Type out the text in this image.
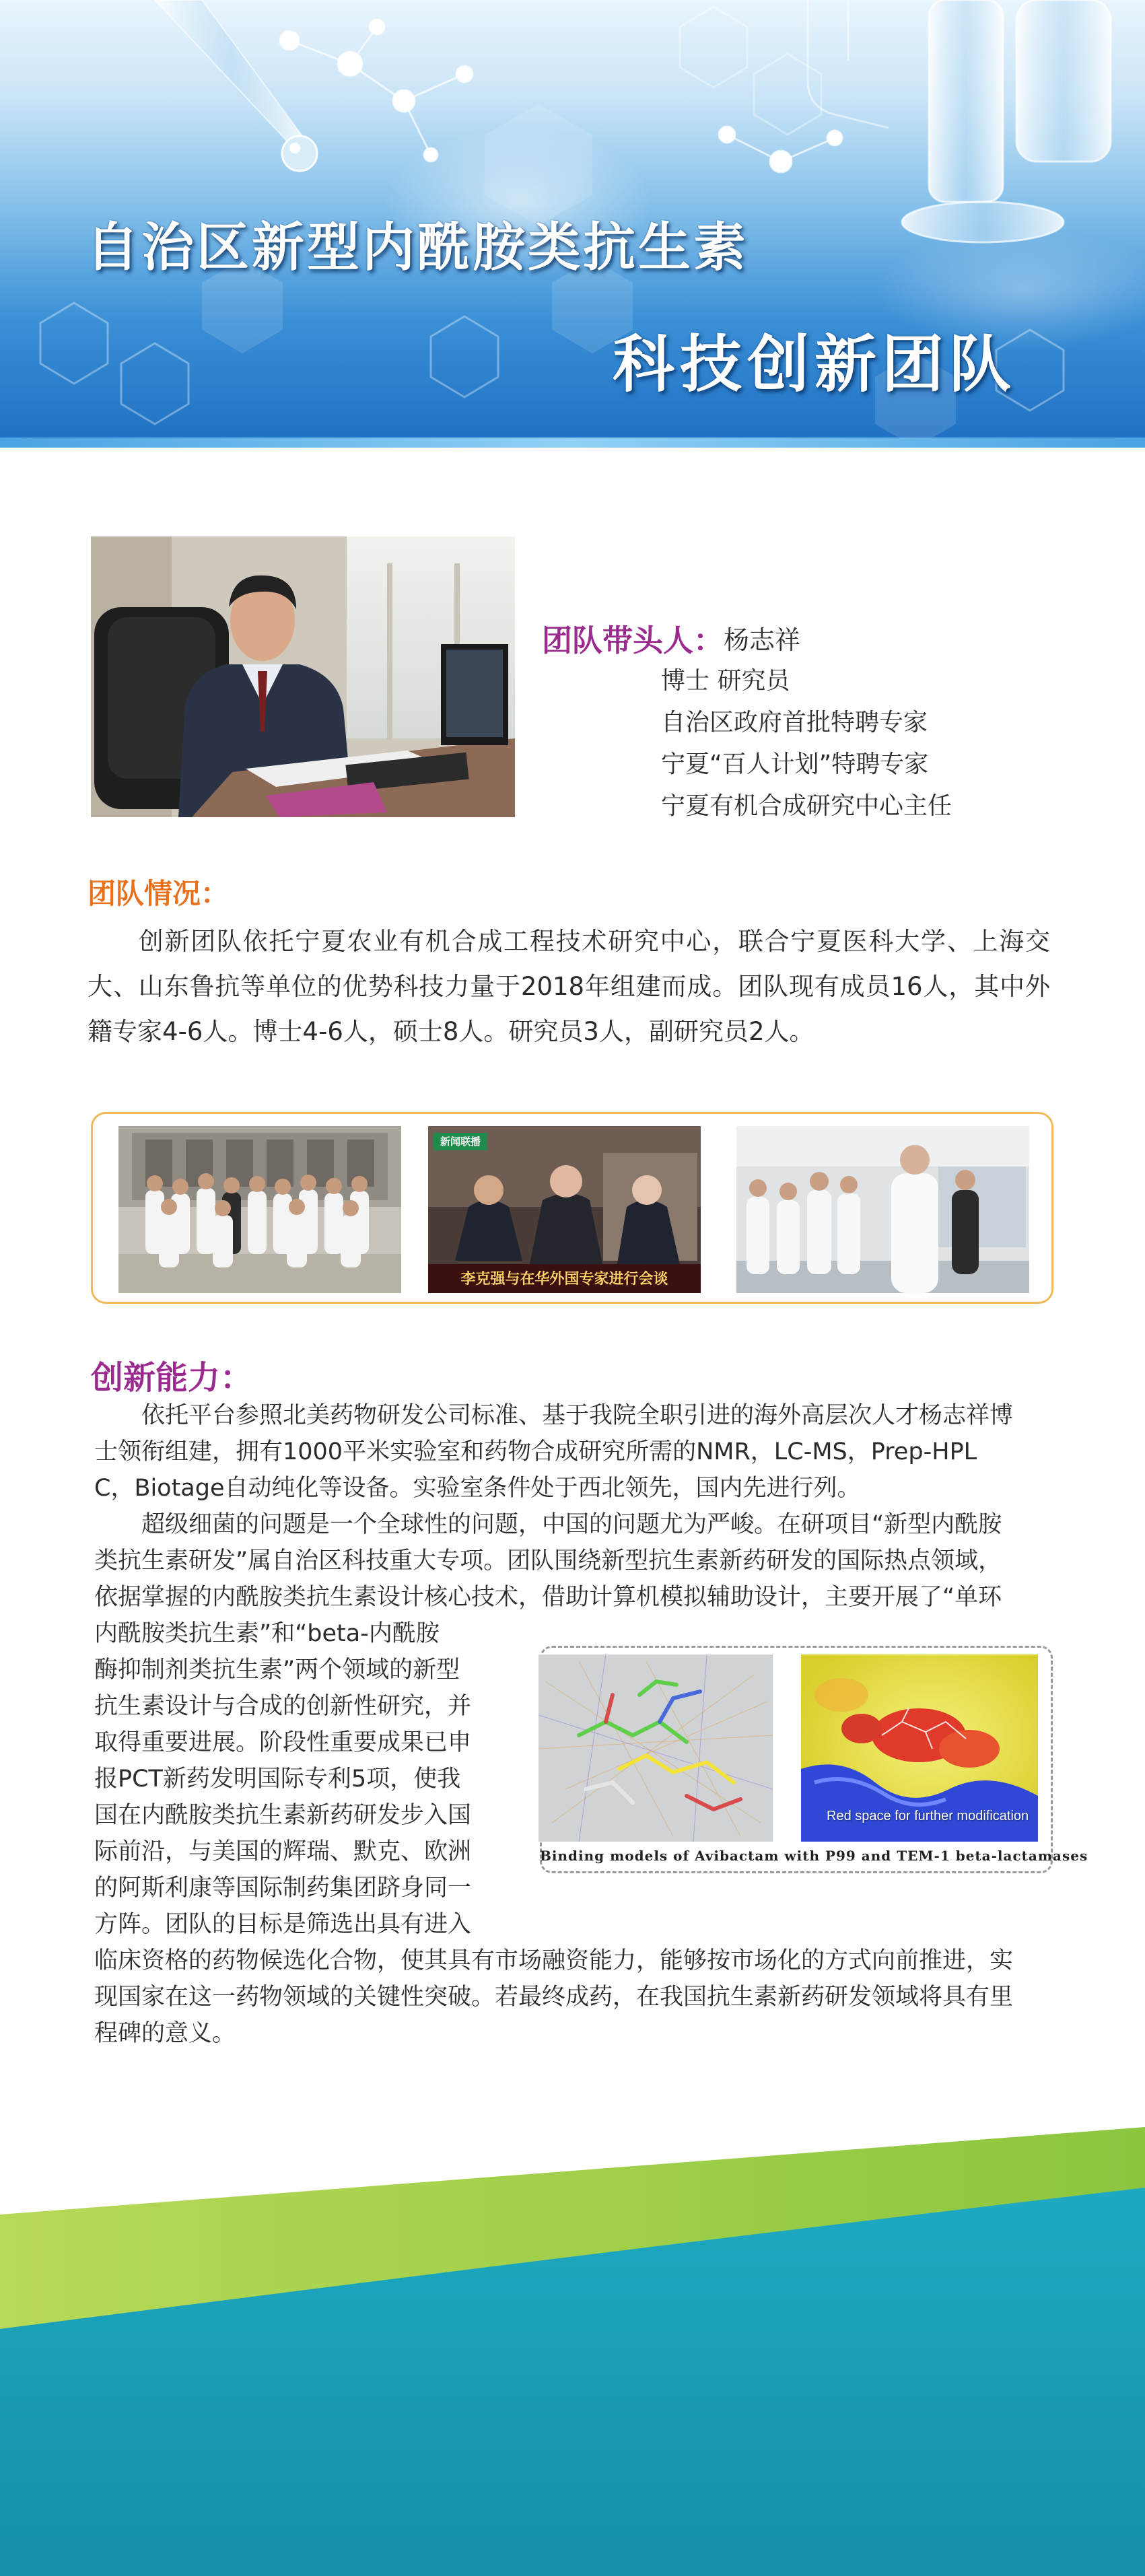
自治区新型内酰胺类抗生素
科技创新团队
团队带头人： 杨志祥
博士 研究员
自治区政府首批特聘专家
宁夏“百人计划”特聘专家
宁夏有机合成研究中心主任
团队情况：
创新团队依托宁夏农业有机合成工程技术研究中心，联合宁夏医科大学、上海交大、山东鲁抗等单位的优势科技力量于2018年组建而成。团队现有成员16人，其中外籍专家4-6人。博士4-6人，硕士8人。研究员3人，副研究员2人。
新闻联播
李克强与在华外国专家进行会谈
创新能力：
　　依托平台参照北美药物研发公司标准、基于我院全职引进的海外高层次人才杨志祥博
士领衔组建，拥有1000平米实验室和药物合成研究所需的NMR，LC-MS，Prep-HPL
C，Biotage自动纯化等设备。实验室条件处于西北领先，国内先进行列。
　　超级细菌的问题是一个全球性的问题，中国的问题尤为严峻。在研项目“新型内酰胺
类抗生素研发”属自治区科技重大专项。团队围绕新型抗生素新药研发的国际热点领域，
依据掌握的内酰胺类抗生素设计核心技术，借助计算机模拟辅助设计，主要开展了“单环
内酰胺类抗生素”和“beta-内酰胺
酶抑制剂类抗生素”两个领域的新型
抗生素设计与合成的创新性研究，并
取得重要进展。阶段性重要成果已申
报PCT新药发明国际专利5项，使我
国在内酰胺类抗生素新药研发步入国
际前沿，与美国的辉瑞、默克、欧洲
的阿斯利康等国际制药集团跻身同一
方阵。团队的目标是筛选出具有进入
临床资格的药物候选化合物，使其具有市场融资能力，能够按市场化的方式向前推进，实
现国家在这一药物领域的关键性突破。若最终成药，在我国抗生素新药研发领域将具有里
程碑的意义。
Red space for further modification
Binding models of Avibactam with P99 and TEM-1 beta-lactamases
